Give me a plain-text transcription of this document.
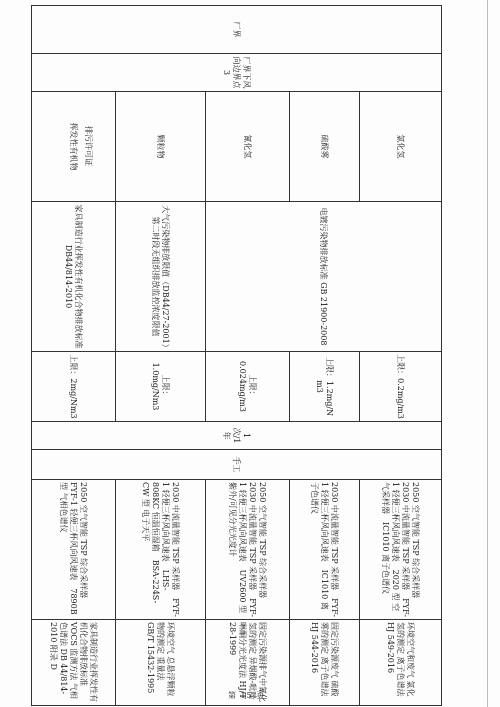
厂界	厂界下风向边界点 3	氯化氢	电镀污染物排放标准 GB 21900-2008	上限：0.2mg/m3	1 次/1 年	手工	2050 空气智能 TSP 综合采样器　2030 中流量智能 TSP 采样器　FYF-1 轻便三杯风向风速表　2020 型 空气采样器　IC1010 离子色谱仪	环境空气和废气 氯化氢的测定 离子色谱法 HJ 549-2016
		硫酸雾		上限：1.2mg/N m3			2030 中流量智能 TSP 采样器　FYF-1 轻便三杯风向风速表　IC1010 离子色谱仪	固定污染源废气 硫酸雾的测定 离子色谱法 HJ 544-2016
		氰化氢		上限：0.024mg/m3			2050 空气智能 TSP 综合采样器　2030 中流量智能 TSP 采样器　FYF-1 轻便三杯风向风速表　UV2600 型 紫外/可见分光光度计	固定污染源排气中氰化氢的测定 异烟酸-吡唑啉酮分光光度法 HJ/T 28-1999
		颗粒物	大气污染物排放限值（DB44/27-2001）第二时段无组织排放监控浓度限值	上限：1.0mg/Nm3			2030 中流量智能 TSP 采样器　FYF-1 轻便三杯风向风速表　LHS-808KC 恒温恒湿箱　BSA-224S-CW 型 电子天平	环境空气 总悬浮颗粒物的测定 重量法 GB/T 15432-1995
		挥发性有机物	家具制造行业挥发性有机化合物排放标准 DB44/814-2010	上限：2mg/Nm3			2050 空气智能 TSP 综合采样器　FYF-1 轻便三杯风向风速表　7890B 型 气相色谱仪	家具制造行业挥发性有机化合物排放标准 VOCS 监测方法 气相色谱法 DB 44/814-2010 附录 D
排污许可证
第 15 页
